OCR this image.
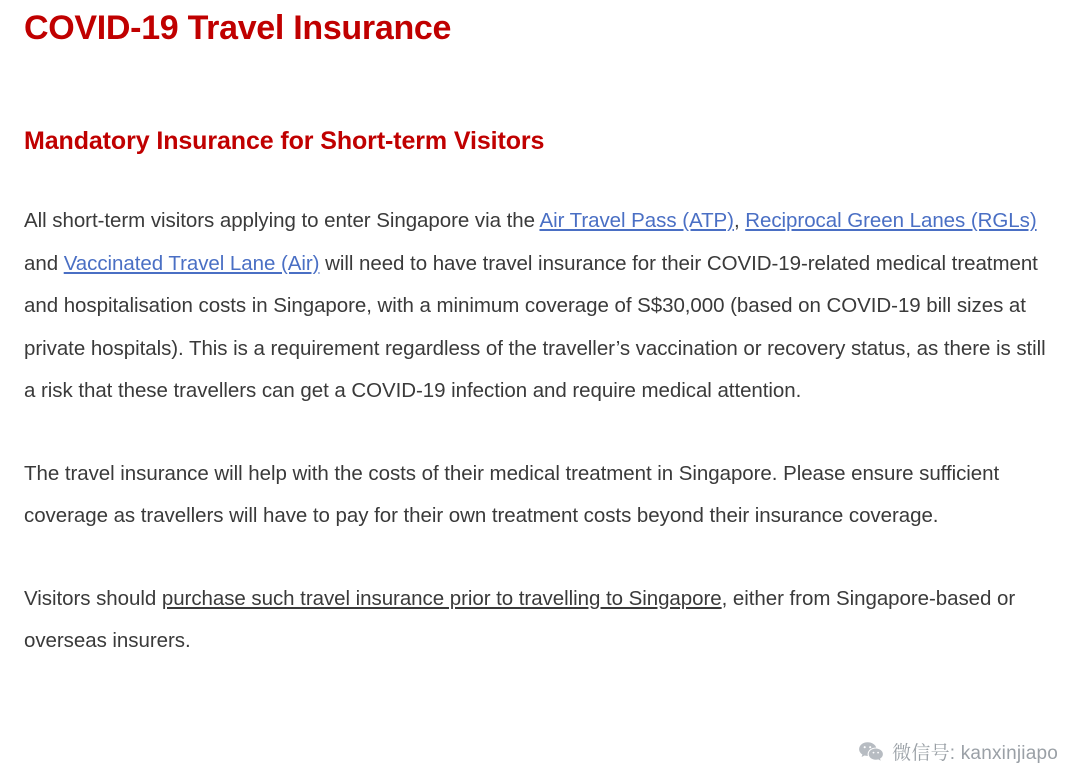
COVID-19 Travel Insurance
Mandatory Insurance for Short-term Visitors

All short-term visitors applying to enter Singapore via the Air Travel Pass (ATP), Reciprocal Green Lanes (RGLs) and Vaccinated Travel Lane (Air) will need to have travel insurance for their COVID-19-related medical treatment and hospitalisation costs in Singapore, with a minimum coverage of S$30,000 (based on COVID-19 bill sizes at private hospitals). This is a requirement regardless of the traveller’s vaccination or recovery status, as there is still a risk that these travellers can get a COVID-19 infection and require medical attention.

The travel insurance will help with the costs of their medical treatment in Singapore. Please ensure sufficient coverage as travellers will have to pay for their own treatment costs beyond their insurance coverage.

Visitors should purchase such travel insurance prior to travelling to Singapore, either from Singapore-based or overseas insurers.

微信号: kanxinjiapo
